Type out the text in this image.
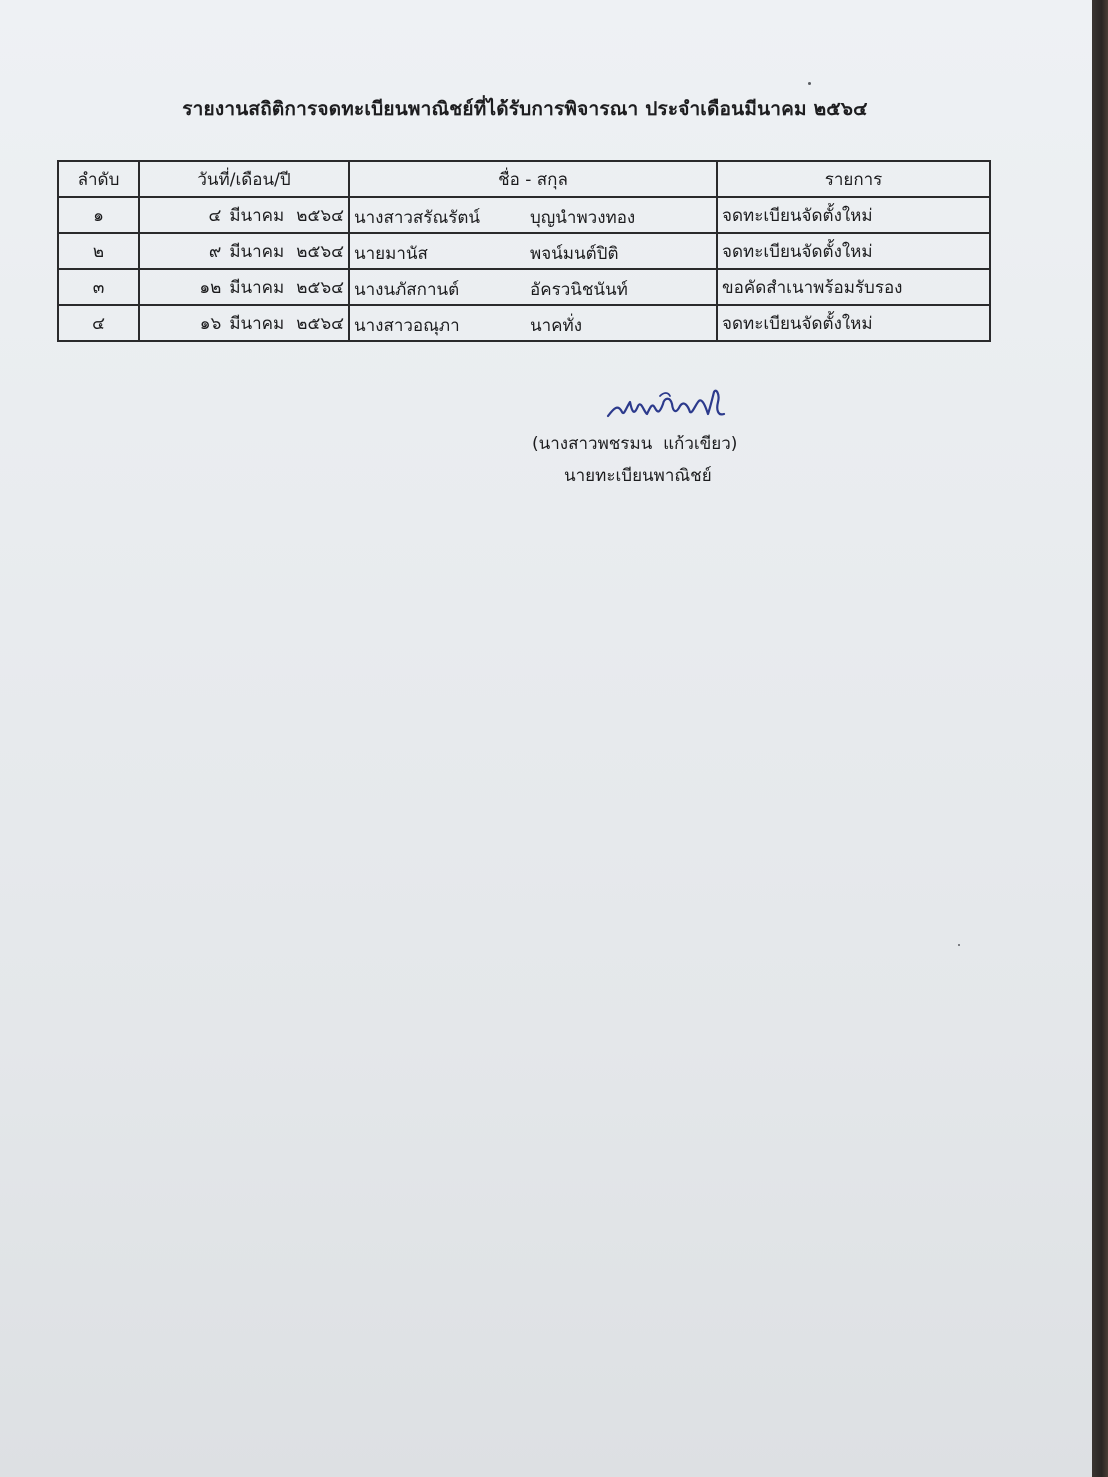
รายงานสถิติการจดทะเบียนพาณิชย์ที่ได้รับการพิจารณา ประจำเดือนมีนาคม ๒๕๖๔
ลำดับ	วันที่/เดือน/ปี	ชื่อ - สกุล	รายการ
๑	๔ มีนาคม ๒๕๖๔	นางสาวสรัณรัตน์ บุญนำพวงทอง	จดทะเบียนจัดตั้งใหม่
๒	๙ มีนาคม ๒๕๖๔	นายมานัส พจน์มนต์ปิติ	จดทะเบียนจัดตั้งใหม่
๓	๑๒ มีนาคม ๒๕๖๔	นางนภัสกานต์ อัครวนิชนันท์	ขอคัดสำเนาพร้อมรับรอง
๔	๑๖ มีนาคม ๒๕๖๔	นางสาวอณุภา นาคทั่ง	จดทะเบียนจัดตั้งใหม่
(นางสาวพชรมน  แก้วเขียว)
นายทะเบียนพาณิชย์
